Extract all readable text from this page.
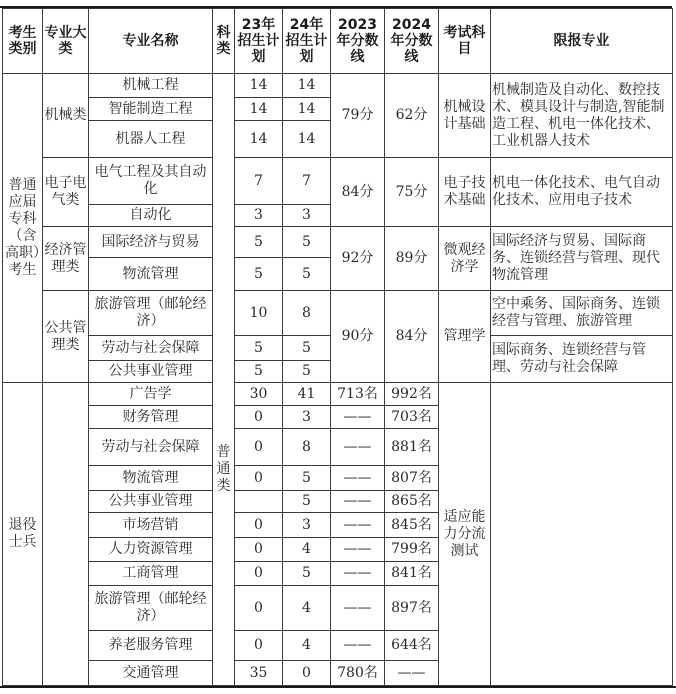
考生类别	专业大类	专业名称	科类	23年招生计划	24年招生计划	2023年分数线	2024年分数线	考试科目	限报专业
普通应届专科（含高职）考生	机械类	机械工程	普通类	14	14	79分	62分	机械设计基础	机械制造及自动化、数控技术、模具设计与制造,智能制造工程、机电一体化技术、工业机器人技术
		智能制造工程		14	14				
		机器人工程		14	14				
	电子电气类	电气工程及其自动化		7	7	84分	75分	电子技术基础	机电一体化技术、电气自动化技术、应用电子技术
		自动化		3	3				
	经济管理类	国际经济与贸易		5	5	92分	89分	微观经济学	国际经济与贸易、国际商务、连锁经营与管理、现代物流管理
		物流管理		5	5				
	公共管理类	旅游管理（邮轮经济）		10	8	90分	84分	管理学	空中乘务、国际商务、连锁经营与管理、旅游管理
		劳动与社会保障		5	5				国际商务、连锁经营与管理、劳动与社会保障
		公共事业管理		5	5				
退役士兵		广告学		30	41	713名	992名	适应能力分流测试	
		财务管理		0	3	——	703名		
		劳动与社会保障		0	8	——	881名		
		物流管理		0	5	——	807名		
		公共事业管理			5	——	865名		
		市场营销		0	3	——	845名		
		人力资源管理		0	4	——	799名		
		工商管理		0	5	——	841名		
		旅游管理（邮轮经济）		0	4	——	897名		
		养老服务管理		0	4	——	644名		
		交通管理		35	0	780名	——		
